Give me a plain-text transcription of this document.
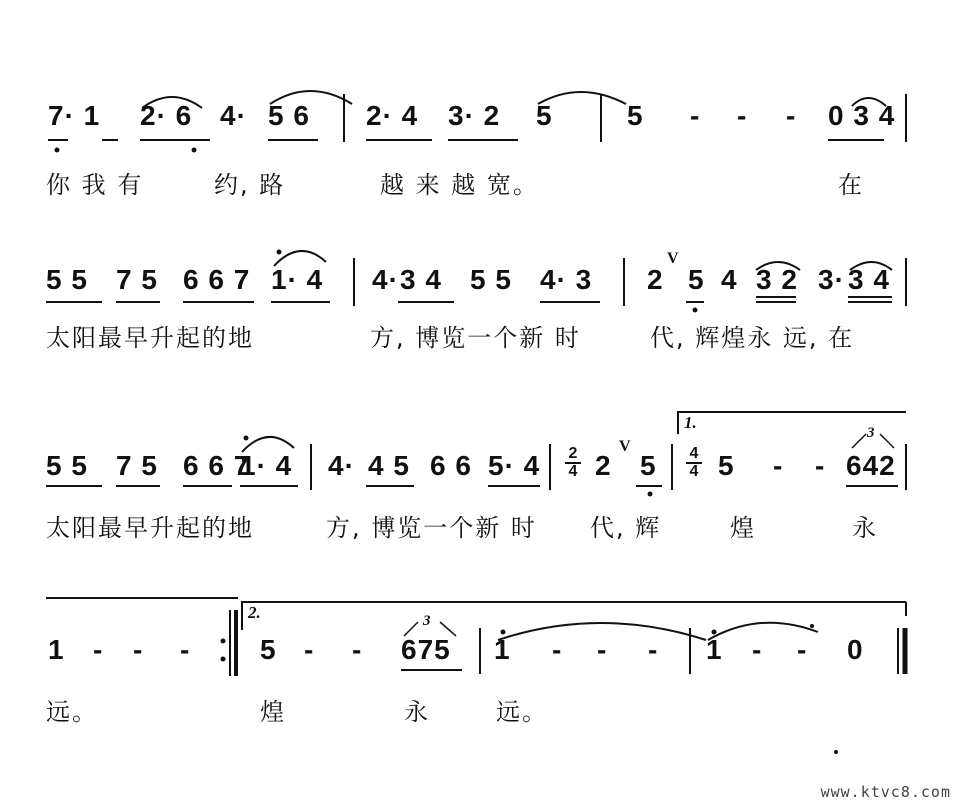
7· 1 2· 6 4· 5 6 2· 4 3· 2 5	5 - - - 0 3 4
5 5 7 5 6 6 7 1· 4 4· 3 4 5 5 4· 3 2 5 4 3 2 3· 3 4
5 5 7 5 6 6 7
1· 4 4· 4 5 6 6 5· 4 2 5 5 - - 642
1 - - - 5 - - 675 1 - - - 1 - - 0
你 我 有	约, 路	越 来 越 宽。	在
太阳最早升起的地	方, 博览一个新 时	代, 辉煌永 远, 在
太阳最早升起的地	方, 博览一个新 时 代, 辉	煌	永
远。	煌	永	远。
1.
2.
3
3
V
V
2
4
4
4
www.ktvc8.com
